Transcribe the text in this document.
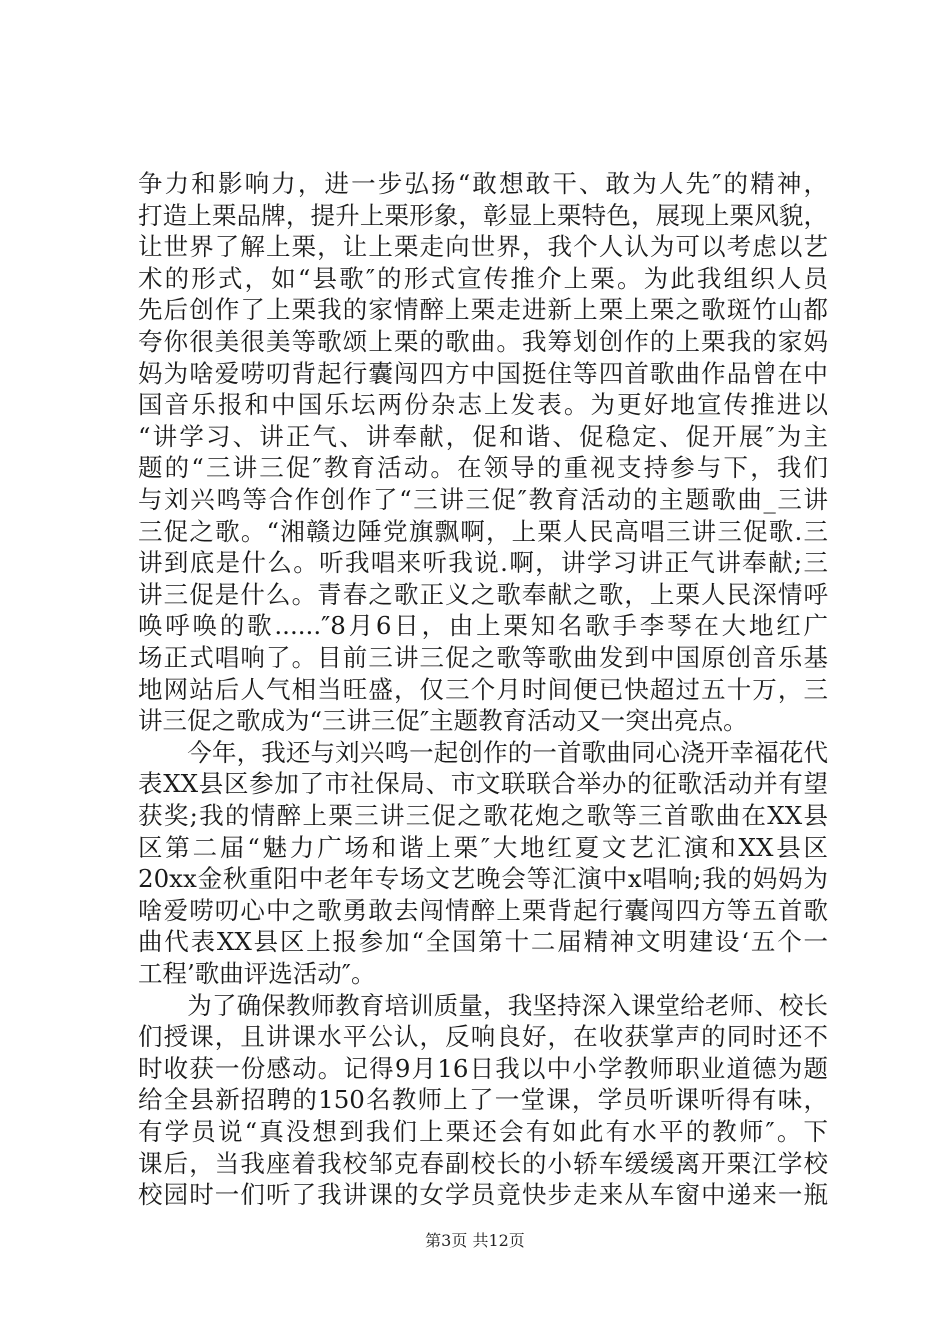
争力和影响力，进一步弘扬“敢想敢干、敢为人先″的精神，
打造上栗品牌，提升上栗形象，彰显上栗特色，展现上栗风貌，
让世界了解上栗，让上栗走向世界，我个人认为可以考虑以艺
术的形式，如“县歌″的形式宣传推介上栗。为此我组织人员
先后创作了上栗我的家情醉上栗走进新上栗上栗之歌斑竹山都
夸你很美很美等歌颂上栗的歌曲。我筹划创作的上栗我的家妈
妈为啥爱唠叨背起行囊闯四方中国挺住等四首歌曲作品曾在中
国音乐报和中国乐坛两份杂志上发表。为更好地宣传推进以
“讲学习、讲正气、讲奉献，促和谐、促稳定、促开展″为主
题的“三讲三促″教育活动。在领导的重视支持参与下，我们
与刘兴鸣等合作创作了“三讲三促″教育活动的主题歌曲_三讲
三促之歌。“湘赣边陲党旗飘啊，上栗人民高唱三讲三促歌.三
讲到底是什么。听我唱来听我说.啊，讲学习讲正气讲奉献;三
讲三促是什么。青春之歌正义之歌奉献之歌，上栗人民深情呼
唤呼唤的歌......″8月6日，由上栗知名歌手李琴在大地红广
场正式唱响了。目前三讲三促之歌等歌曲发到中国原创音乐基
地网站后人气相当旺盛，仅三个月时间便已快超过五十万，三
讲三促之歌成为“三讲三促″主题教育活动又一突出亮点。
　　今年，我还与刘兴鸣一起创作的一首歌曲同心浇开幸福花代
表XX县区参加了市社保局、市文联联合举办的征歌活动并有望
获奖;我的情醉上栗三讲三促之歌花炮之歌等三首歌曲在XX县
区第二届“魅力广场和谐上栗″大地红夏文艺汇演和XX县区
20xx金秋重阳中老年专场文艺晚会等汇演中x唱响;我的妈妈为
啥爱唠叨心中之歌勇敢去闯情醉上栗背起行囊闯四方等五首歌
曲代表XX县区上报参加“全国第十二届精神文明建设‘五个一
工程’歌曲评选活动″。
　　为了确保教师教育培训质量，我坚持深入课堂给老师、校长
们授课，且讲课水平公认，反响良好，在收获掌声的同时还不
时收获一份感动。记得9月16日我以中小学教师职业道德为题
给全县新招聘的150名教师上了一堂课，学员听课听得有味，
有学员说“真没想到我们上栗还会有如此有水平的教师″。下
课后，当我座着我校邹克春副校长的小轿车缓缓离开栗江学校
校园时一们听了我讲课的女学员竟快步走来从车窗中递来一瓶
第3页 共12页
